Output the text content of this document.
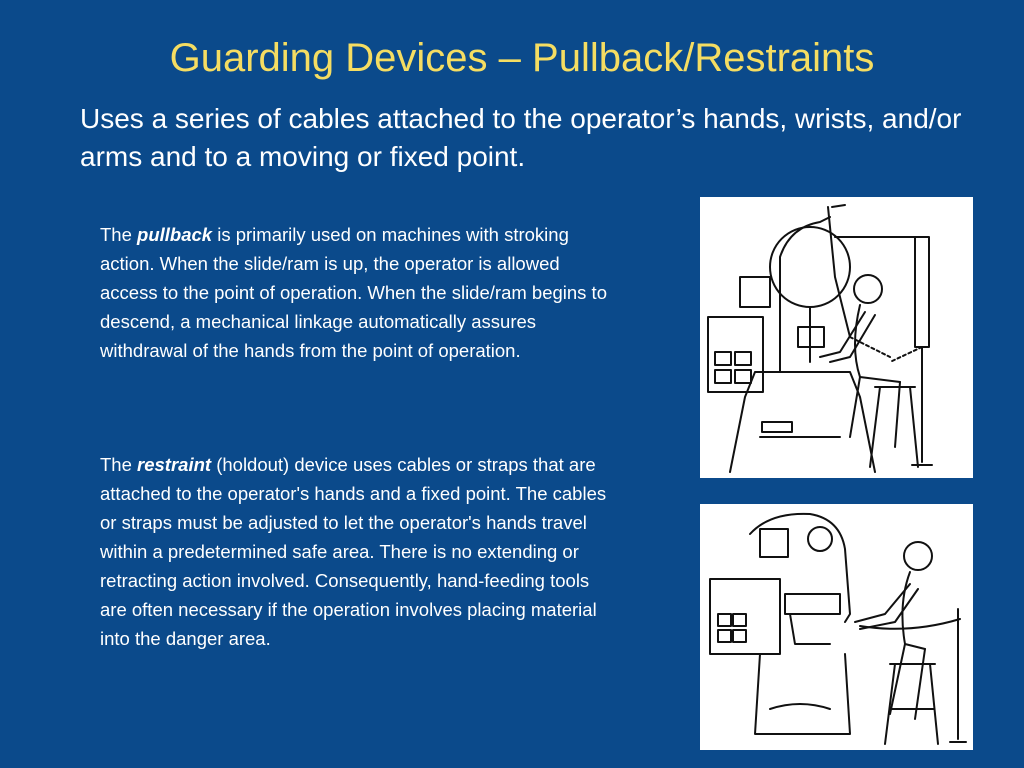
Guarding Devices – Pullback/Restraints
Uses a series of cables attached to the operator’s hands, wrists, and/or arms and to a moving or fixed point.
The pullback is primarily used on machines with stroking action. When the slide/ram is up, the operator is allowed access to the point of operation. When the slide/ram begins to descend, a mechanical linkage automatically assures withdrawal of the hands from the point of operation.
The restraint (holdout) device uses cables or straps that are attached to the operator's hands and a fixed point. The cables or straps must be adjusted to let the operator's hands travel within a predetermined safe area. There is no extending or retracting action involved. Consequently, hand-feeding tools are often necessary if the operation involves placing material into the danger area.
